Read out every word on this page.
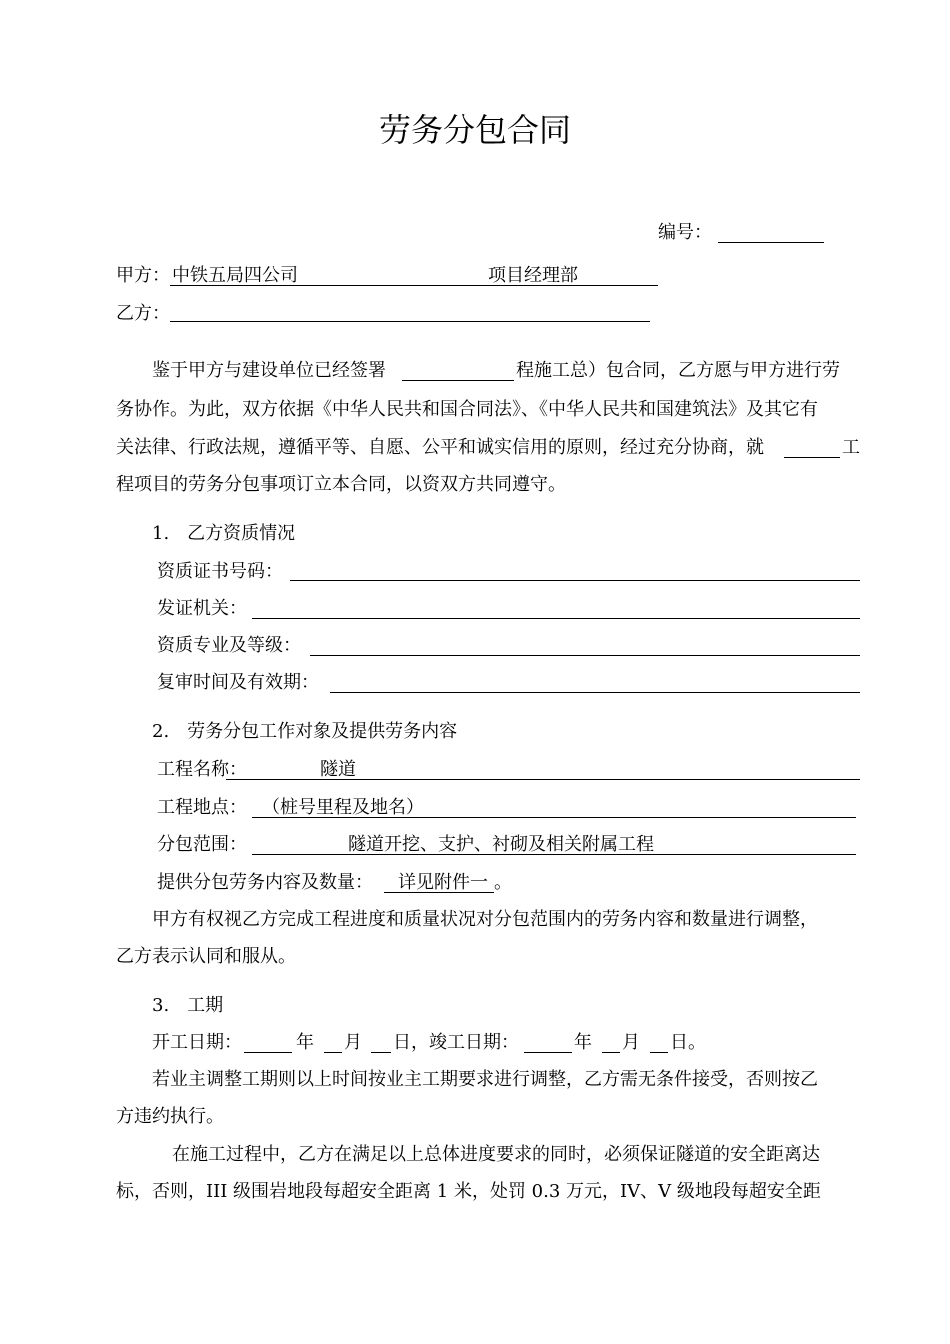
劳务分包合同
编号：
甲方： 中铁五局四公司	项目经理部
乙方：
鉴于甲方与建设单位已经签署	程施工总）包合同，乙方愿与甲方进行劳
务协作。为此，双方依据《中华人民共和国合同法》、《中华人民共和国建筑法》及其它有
关法律、行政法规，遵循平等、自愿、公平和诚实信用的原则，经过充分协商，就	工
程项目的劳务分包事项订立本合同，以资双方共同遵守。
1.　乙方资质情况
资质证书号码：
发证机关：
资质专业及等级：
复审时间及有效期：
2.　劳务分包工作对象及提供劳务内容
工程名称：	隧道
工程地点： （桩号里程及地名）
分包范围：	隧道开挖、支护、衬砌及相关附属工程
提供分包劳务内容及数量： 详见附件一 。
甲方有权视乙方完成工程进度和质量状况对分包范围内的劳务内容和数量进行调整，
乙方表示认同和服从。
3.　工期
开工日期：	年 月 日，竣工日期：	年 月 日。
若业主调整工期则以上时间按业主工期要求进行调整，乙方需无条件接受，否则按乙
方违约执行。
在施工过程中，乙方在满足以上总体进度要求的同时，必须保证隧道的安全距离达
标，否则，III 级围岩地段每超安全距离 1 米，处罚 0.3 万元，IV、V 级地段每超安全距
